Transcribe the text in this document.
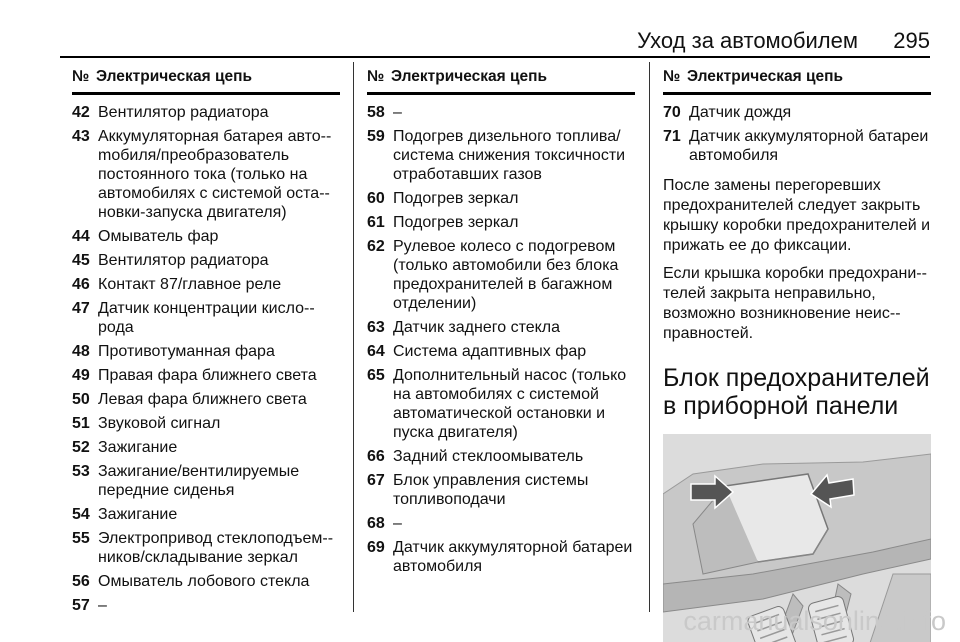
Уход за автомобилем 295
№ Электрическая цепь
42 Вентилятор радиатора
43 Аккумуляторная батарея авто-mобиля/преобразователь постоянного тока (только на автомобилях с системой оста-новки-запуска двигателя)
44 Омыватель фар
45 Вентилятор радиатора
46 Контакт 87/главное реле
47 Датчик концентрации кисло-рода
48 Противотуманная фара
49 Правая фара ближнего света
50 Левая фара ближнего света
51 Звуковой сигнал
52 Зажигание
53 Зажигание/вентилируемые передние сиденья
54 Зажигание
55 Электропривод стеклоподъем-ников/складывание зеркал
56 Омыватель лобового стекла
57 –
№ Электрическая цепь
58 –
59 Подогрев дизельного топлива/система снижения токсичности отработавших газов
60 Подогрев зеркал
61 Подогрев зеркал
62 Рулевое колесо с подогревом (только автомобили без блока предохранителей в багажном отделении)
63 Датчик заднего стекла
64 Система адаптивных фар
65 Дополнительный насос (только на автомобилях с системой автоматической остановки и пуска двигателя)
66 Задний стеклоомыватель
67 Блок управления системы топливоподачи
68 –
69 Датчик аккумуляторной батареи автомобиля
№ Электрическая цепь
70 Датчик дождя
71 Датчик аккумуляторной батареи автомобиля

После замены перегоревших предохранителей следует закрыть крышку коробки предохранителей и прижать ее до фиксации.

Если крышка коробки предохрани-телей закрыта неправильно, возможно возникновение неис-правностей.

Блок предохранителей в приборной панели
carmanualsonline.info
